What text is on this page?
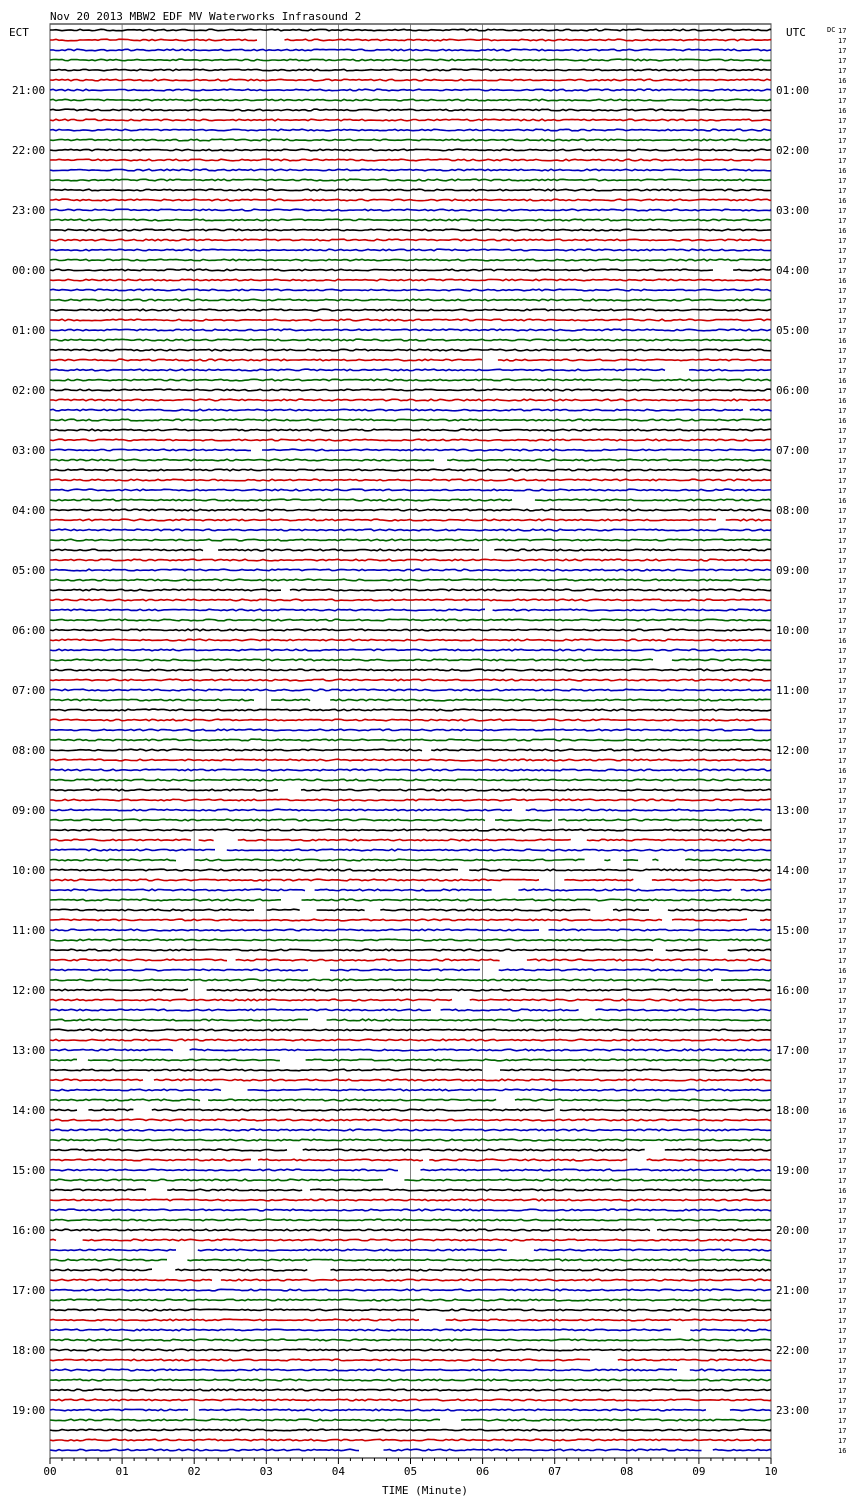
Nov 20 2013 MBW2 EDF MV Waterworks Infrasound 2
ECT	UTC	DC
21:00
22:00
23:00
00:00
01:00
02:00
03:00
04:00
05:00
06:00
07:00
08:00
09:00
10:00
11:00
12:00
13:00
14:00
15:00
16:00
17:00
18:00
19:00
01:00
02:00
03:00
04:00
05:00
06:00
07:00
08:00
09:00
10:00
11:00
12:00
13:00
14:00
15:00
16:00
17:00
18:00
19:00
20:00
21:00
22:00
23:00
17
17
17
17
17
16
17
17
16
17
17
17
17
17
16
17
17
16
17
17
16
17
17
17
17
16
17
17
17
17
17
16
17
17
17
16
17
16
17
16
17
17
17
17
17
17
17
16
17
17
17
17
17
17
17
17
17
17
17
17
17
16
17
17
17
17
17
17
17
17
17
17
17
17
16
17
17
17
17
17
17
17
17
17
17
17
17
17
17
17
17
17
17
17
16
17
17
17
17
17
17
17
17
17
17
17
17
17
16
17
17
17
17
17
17
17
16
17
17
17
17
17
17
17
17
17
17
17
17
17
17
17
17
17
17
17
17
17
17
17
17
17
16
00	01	02	03	04	05	06	07	08	09	10
TIME (Minute)
